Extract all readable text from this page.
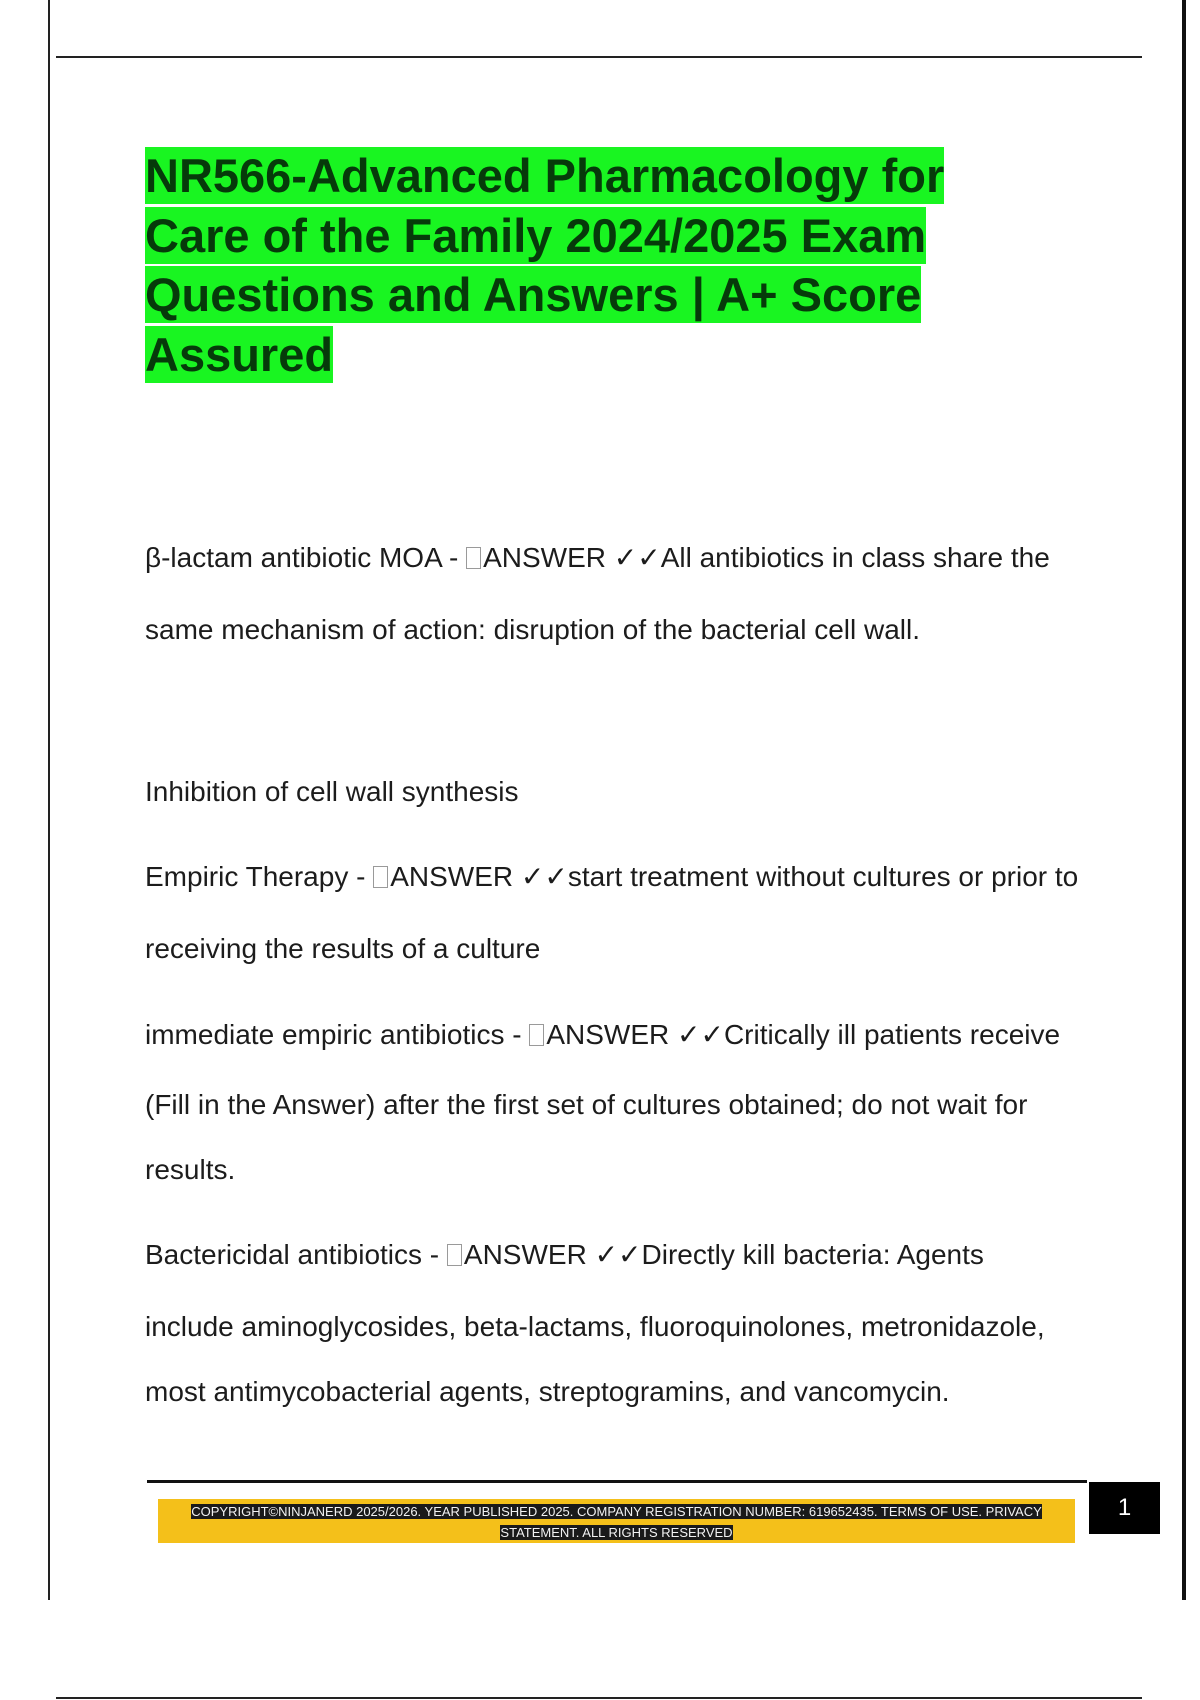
NR566-Advanced Pharmacology for
Care of the Family 2024/2025 Exam
Questions and Answers | A+ Score
Assured
β-lactam antibiotic MOA - ANSWER ✓✓All antibiotics in class share the
same mechanism of action: disruption of the bacterial cell wall.
Inhibition of cell wall synthesis
Empiric Therapy - ANSWER ✓✓start treatment without cultures or prior to
receiving the results of a culture
immediate empiric antibiotics - ANSWER ✓✓Critically ill patients receive
(Fill in the Answer) after the first set of cultures obtained; do not wait for
results.
Bactericidal antibiotics - ANSWER ✓✓Directly kill bacteria: Agents
include aminoglycosides, beta-lactams, fluoroquinolones, metronidazole,
most antimycobacterial agents, streptogramins, and vancomycin.
COPYRIGHT©NINJANERD 2025/2026. YEAR PUBLISHED 2025. COMPANY REGISTRATION NUMBER: 619652435. TERMS OF USE. PRIVACY
STATEMENT. ALL RIGHTS RESERVED
1
